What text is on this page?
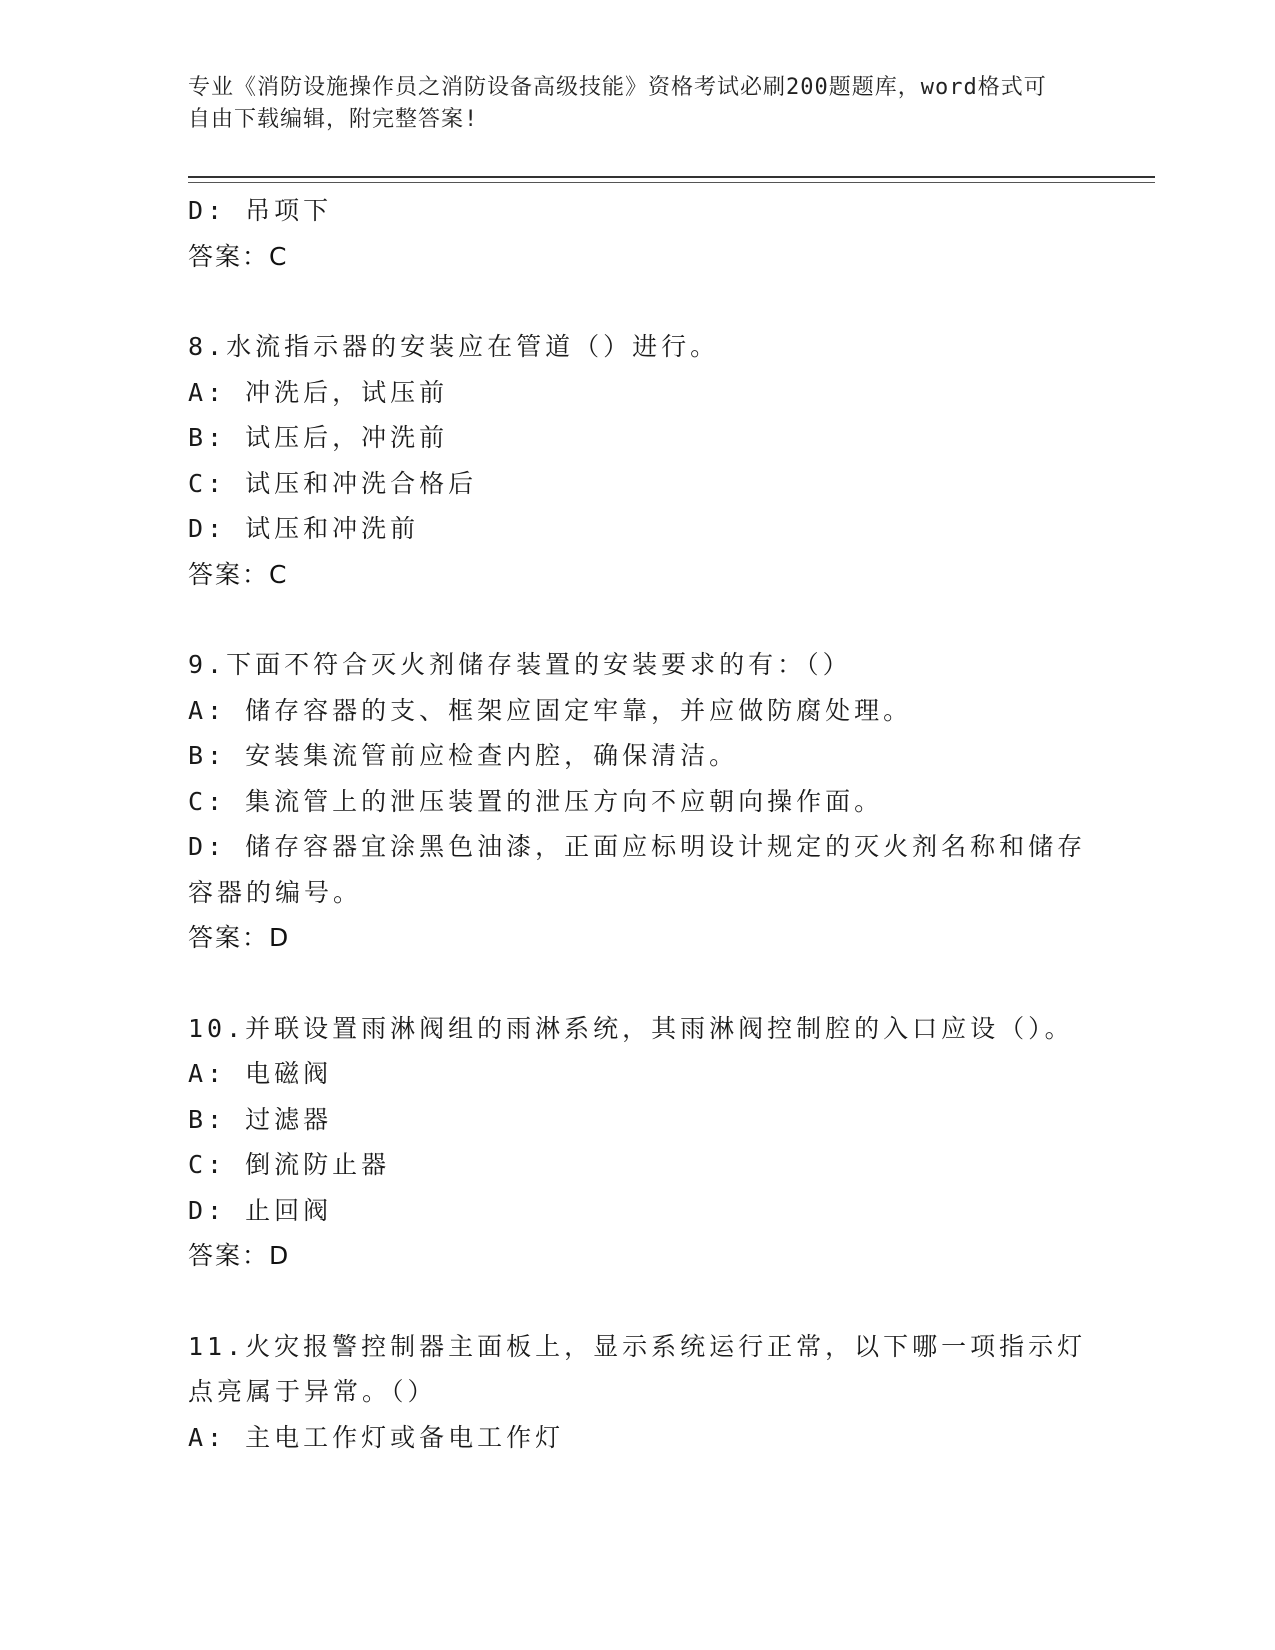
专业《消防设施操作员之消防设备高级技能》资格考试必刷200题题库，word格式可自由下载编辑，附完整答案!
D: 吊项下
答案：C
8.水流指示器的安装应在管道（）进行。
A: 冲洗后，试压前
B: 试压后，冲洗前
C: 试压和冲洗合格后
D: 试压和冲洗前
答案：C
9.下面不符合灭火剂储存装置的安装要求的有：（）
A: 储存容器的支、框架应固定牢靠，并应做防腐处理。
B: 安装集流管前应检查内腔，确保清洁。
C: 集流管上的泄压装置的泄压方向不应朝向操作面。
D: 储存容器宜涂黑色油漆，正面应标明设计规定的灭火剂名称和储存容器的编号。
答案：D
10.并联设置雨淋阀组的雨淋系统，其雨淋阀控制腔的入口应设（）。
A: 电磁阀
B: 过滤器
C: 倒流防止器
D: 止回阀
答案：D
11.火灾报警控制器主面板上，显示系统运行正常，以下哪一项指示灯点亮属于异常。（）
A: 主电工作灯或备电工作灯
